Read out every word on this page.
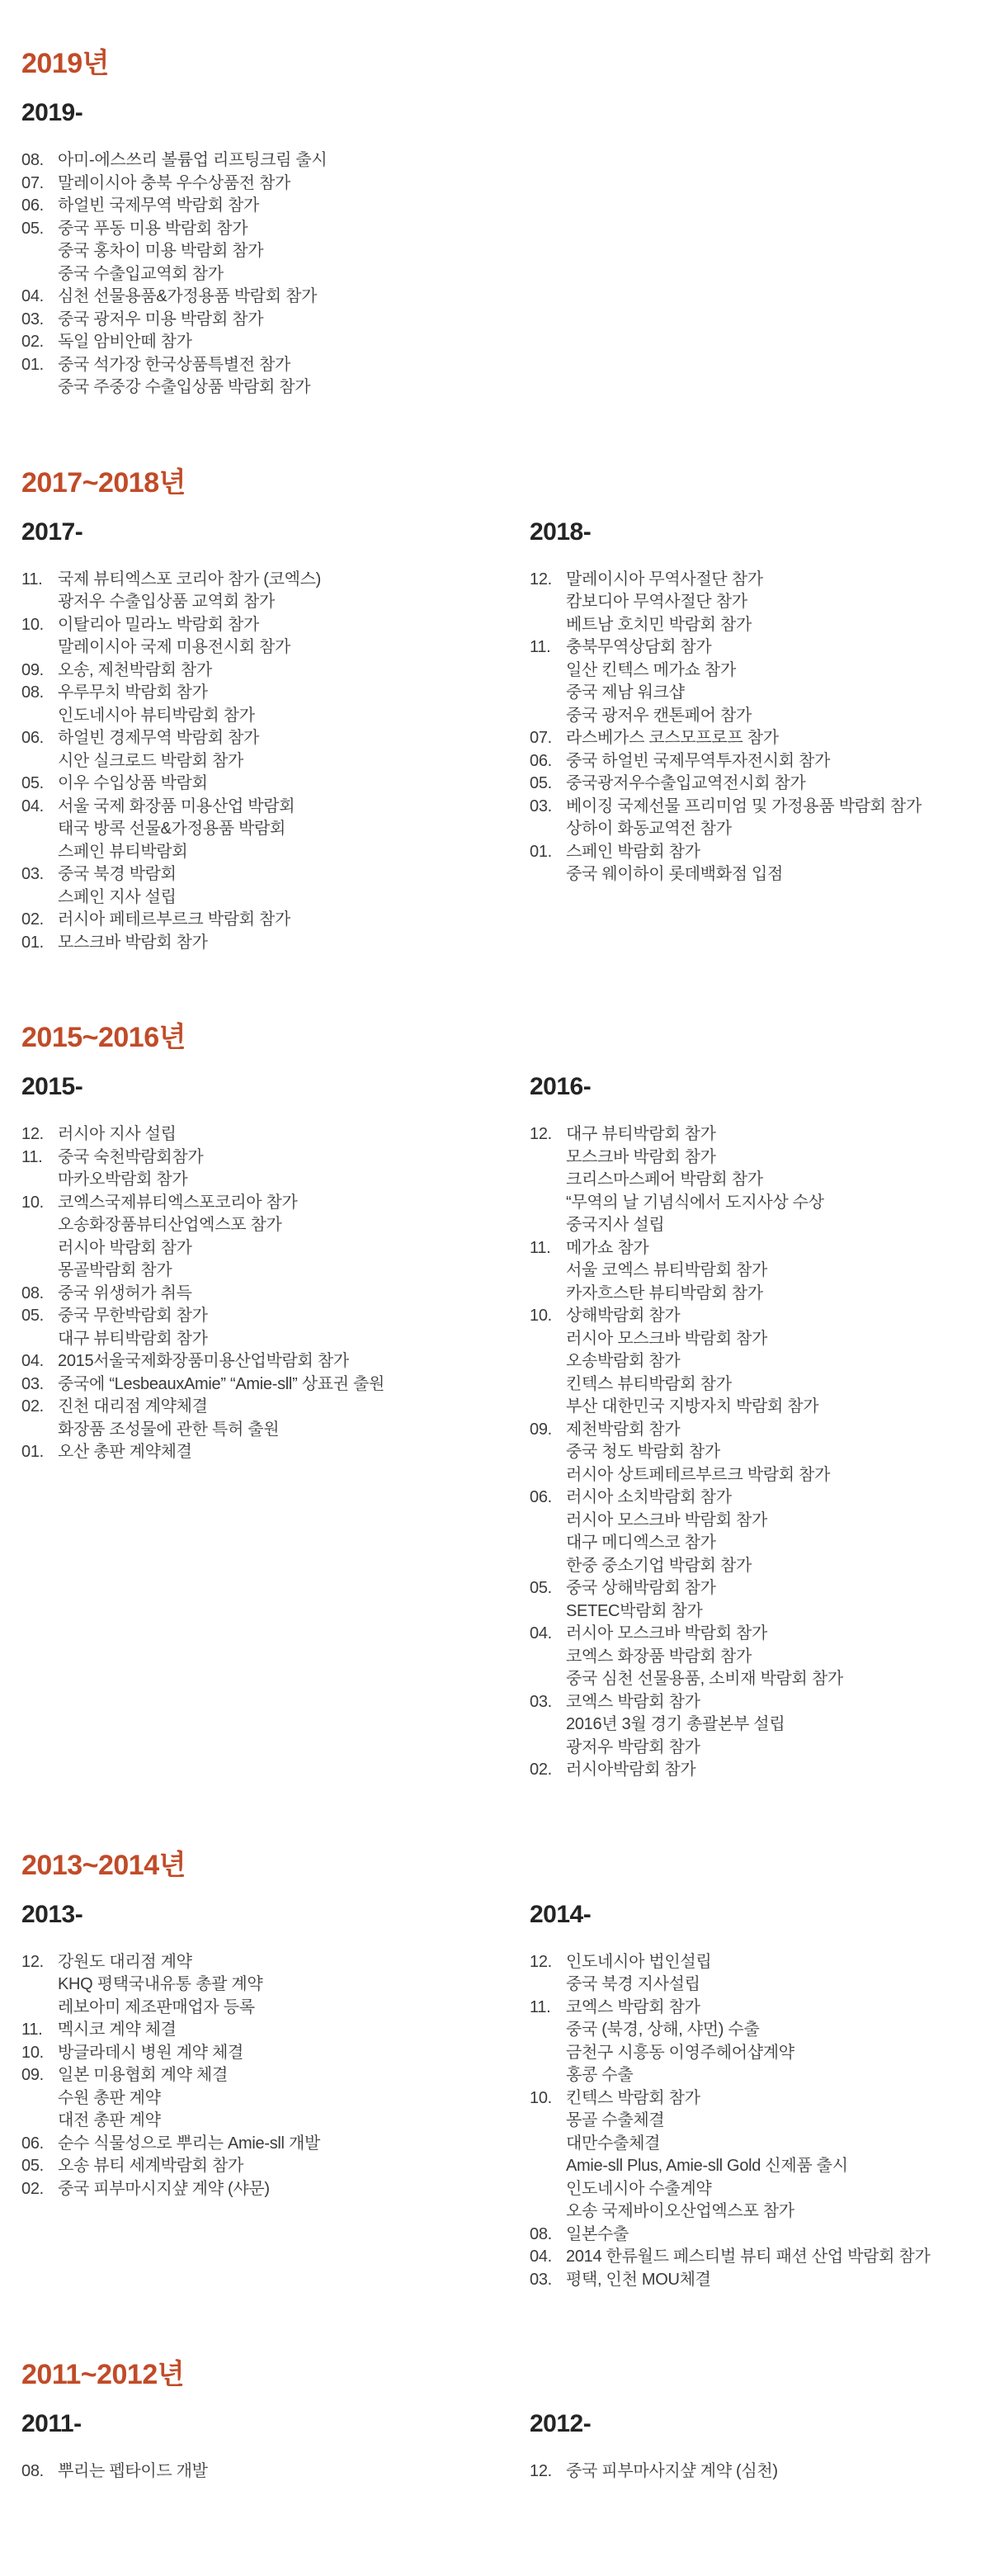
2019년
2019-
08. 아미-에스쓰리 볼륨업 리프팅크림 출시
07. 말레이시아 충북 우수상품전 참가
06. 하얼빈 국제무역 박람회 참가
05. 중국 푸동 미용 박람회 참가
중국 홍차이 미용 박람회 참가
중국 수출입교역회 참가
04. 심천 선물용품&가정용품 박람회 참가
03. 중국 광저우 미용 박람회 참가
02. 독일 암비안떼 참가
01. 중국 석가장 한국상품특별전 참가
중국 주중강 수출입상품 박람회 참가
2017~2018년
2017-
11. 국제 뷰티엑스포 코리아 참가 (코엑스)
광저우 수출입상품 교역회 참가
10. 이탈리아 밀라노 박람회 참가
말레이시아 국제 미용전시회 참가
09. 오송, 제천박람회 참가
08. 우루무치 박람회 참가
인도네시아 뷰티박람회 참가
06. 하얼빈 경제무역 박람회 참가
시안 실크로드 박람회 참가
05. 이우 수입상품 박람회
04. 서울 국제 화장품 미용산업 박람회
태국 방콕 선물&가정용품 박람회
스페인 뷰티박람회
03. 중국 북경 박람회
스페인 지사 설립
02. 러시아 페테르부르크 박람회 참가
01. 모스크바 박람회 참가
2018-
12. 말레이시아 무역사절단 참가
캄보디아 무역사절단 참가
베트남 호치민 박람회 참가
11. 충북무역상담회 참가
일산 킨텍스 메가쇼 참가
중국 제남 워크샵
중국 광저우 캔톤페어 참가
07. 라스베가스 코스모프로프 참가
06. 중국 하얼빈 국제무역투자전시회 참가
05. 중국광저우수출입교역전시회 참가
03. 베이징 국제선물 프리미엄 및 가정용품 박람회 참가
상하이 화동교역전 참가
01. 스페인 박람회 참가
중국 웨이하이 롯데백화점 입점
2015~2016년
2015-
12. 러시아 지사 설립
11. 중국 숙천박람회참가
마카오박람회 참가
10. 코엑스국제뷰티엑스포코리아 참가
오송화장품뷰티산업엑스포 참가
러시아 박람회 참가
몽골박람회 참가
08. 중국 위생허가 취득
05. 중국 무한박람회 참가
대구 뷰티박람회 참가
04. 2015서울국제화장품미용산업박람회 참가
03. 중국에 “LesbeauxAmie” “Amie-sll” 상표권 출원
02. 진천 대리점 계약체결
화장품 조성물에 관한 특허 출원
01. 오산 총판 계약체결
2016-
12. 대구 뷰티박람회 참가
모스크바 박람회 참가
크리스마스페어 박람회 참가
“무역의 날 기념식에서 도지사상 수상
중국지사 설립
11. 메가쇼 참가
서울 코엑스 뷰티박람회 참가
카자흐스탄 뷰티박람회 참가
10. 상해박람회 참가
러시아 모스크바 박람회 참가
오송박람회 참가
킨텍스 뷰티박람회 참가
부산 대한민국 지방자치 박람회 참가
09. 제천박람회 참가
중국 청도 박람회 참가
러시아 상트페테르부르크 박람회 참가
06. 러시아 소치박람회 참가
러시아 모스크바 박람회 참가
대구 메디엑스코 참가
한중 중소기업 박람회 참가
05. 중국 상해박람회 참가
SETEC박람회 참가
04. 러시아 모스크바 박람회 참가
코엑스 화장품 박람회 참가
중국 심천 선물용품, 소비재 박람회 참가
03. 코엑스 박람회 참가
2016년 3월 경기 총괄본부 설립
광저우 박람회 참가
02. 러시아박람회 참가
2013~2014년
2013-
12. 강원도 대리점 계약
KHQ 평택국내유통 총괄 계약
레보아미 제조판매업자 등록
11. 멕시코 계약 체결
10. 방글라데시 병원 계약 체결
09. 일본 미용협회 계약 체결
수원 총판 계약
대전 총판 계약
06. 순수 식물성으로 뿌리는 Amie-sll 개발
05. 오송 뷰티 세계박람회 참가
02. 중국 피부마시지샾 계약 (샤문)
2014-
12. 인도네시아 법인설립
중국 북경 지사설립
11. 코엑스 박람회 참가
중국 (북경, 상해, 샤먼) 수출
금천구 시흥동 이영주헤어샵계약
홍콩 수출
10. 킨텍스 박람회 참가
몽골 수출체결
대만수출체결
Amie-sll Plus, Amie-sll Gold 신제품 출시
인도네시아 수출계약
오송 국제바이오산업엑스포 참가
08. 일본수출
04. 2014 한류월드 페스티벌 뷰티 패션 산업 박람회 참가
03. 평택, 인천 MOU체결
2011~2012년
2011-
08. 뿌리는 펩타이드 개발
2012-
12. 중국 피부마사지샾 계약 (심천)
